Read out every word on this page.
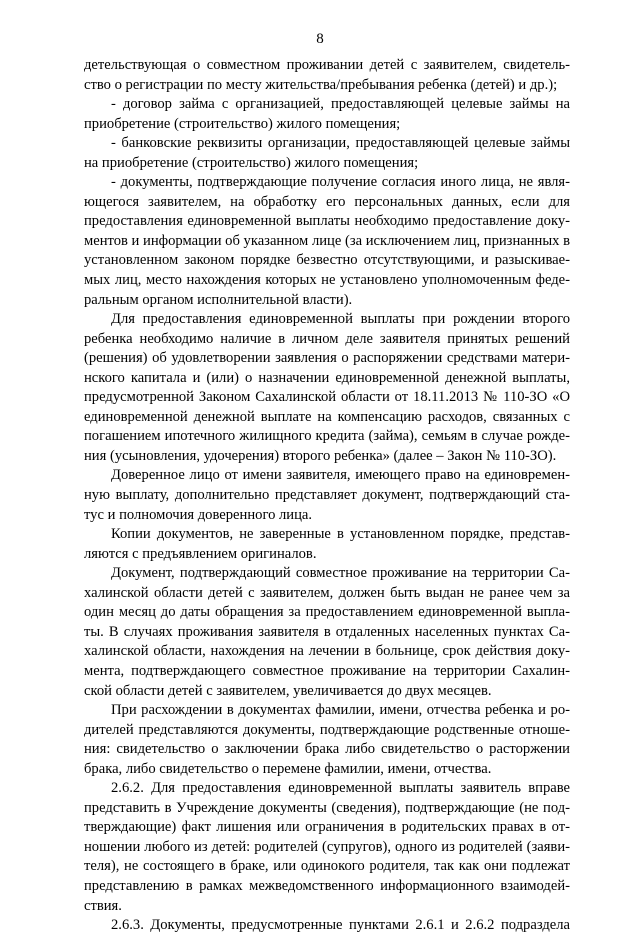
8
детельствующая о совместном проживании детей с заявителем, свидетель-
ство о регистрации по месту жительства/пребывания ребенка (детей) и др.);
- договор займа с организацией, предоставляющей целевые займы на
приобретение (строительство) жилого помещения;
- банковские реквизиты организации, предоставляющей целевые займы
на приобретение (строительство) жилого помещения;
- документы, подтверждающие получение согласия иного лица, не явля-
ющегося заявителем, на обработку его персональных данных, если для
предоставления единовременной выплаты необходимо предоставление доку-
ментов и информации об указанном лице (за исключением лиц, признанных в
установленном законом порядке безвестно отсутствующими, и разыскивае-
мых лиц, место нахождения которых не установлено уполномоченным феде-
ральным органом исполнительной власти).
Для предоставления единовременной выплаты при рождении второго
ребенка необходимо наличие в личном деле заявителя принятых решений
(решения) об удовлетворении заявления о распоряжении средствами матери-
нского капитала и (или) о назначении единовременной денежной выплаты,
предусмотренной Законом Сахалинской области от 18.11.2013 № 110-ЗО «О
единовременной денежной выплате на компенсацию расходов, связанных с
погашением ипотечного жилищного кредита (займа), семьям в случае рожде-
ния (усыновления, удочерения) второго ребенка» (далее – Закон № 110-ЗО).
Доверенное лицо от имени заявителя, имеющего право на единовремен-
ную выплату, дополнительно представляет документ, подтверждающий ста-
тус и полномочия доверенного лица.
Копии документов, не заверенные в установленном порядке, представ-
ляются с предъявлением оригиналов.
Документ, подтверждающий совместное проживание на территории Са-
халинской области детей с заявителем, должен быть выдан не ранее чем за
один месяц до даты обращения за предоставлением единовременной выпла-
ты. В случаях проживания заявителя в отдаленных населенных пунктах Са-
халинской области, нахождения на лечении в больнице, срок действия доку-
мента, подтверждающего совместное проживание на территории Сахалин-
ской области детей с заявителем, увеличивается до двух месяцев.
При расхождении в документах фамилии, имени, отчества ребенка и ро-
дителей представляются документы, подтверждающие родственные отноше-
ния: свидетельство о заключении брака либо свидетельство о расторжении
брака, либо свидетельство о перемене фамилии, имени, отчества.
2.6.2. Для предоставления единовременной выплаты заявитель вправе
представить в Учреждение документы (сведения), подтверждающие (не под-
тверждающие) факт лишения или ограничения в родительских правах в от-
ношении любого из детей: родителей (супругов), одного из родителей (заяви-
теля), не состоящего в браке, или одинокого родителя, так как они подлежат
представлению в рамках межведомственного информационного взаимодей-
ствия.
2.6.3. Документы, предусмотренные пунктами 2.6.1 и 2.6.2 подраздела
